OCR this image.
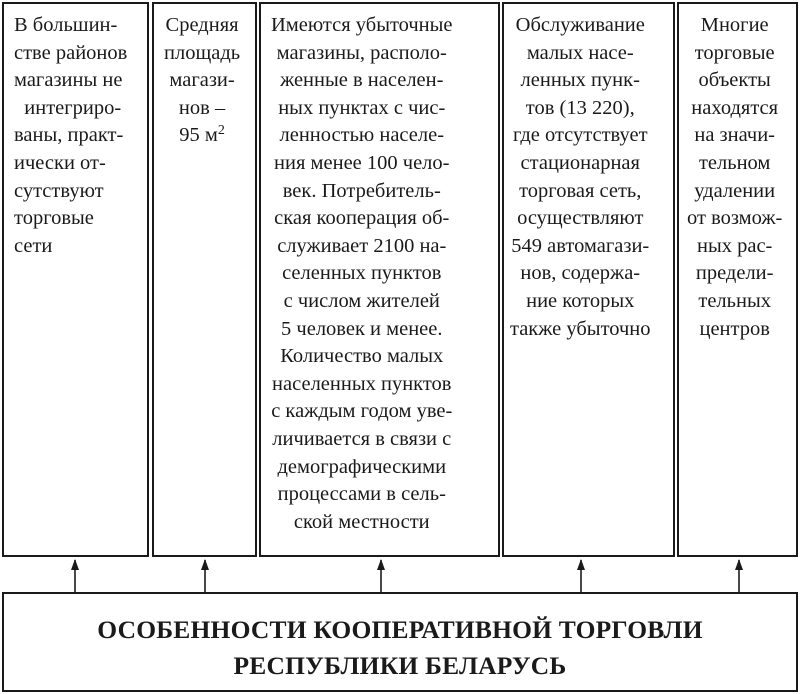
В большин-
стве районов
магазины не
интегриро-
ваны, практ-
ически от-
сутствуют
торговые
сети
Средняя
площадь
магази-
нов –
95 $м^2$
Имеются убыточные
магазины, располо-
женные в населен-
ных пунктах с чис-
ленностью населе-
ния менее 100 чело-
век. Потребитель-
ская кооперация об-
служивает 2100 на-
селенных пунктов
с числом жителей
5 человек и менее.
Количество малых
населенных пунктов
с каждым годом уве-
личивается в связи с
демографическими
процессами в сель-
ской местности
Обслуживание
малых насе-
ленных пунк-
тов (13 220),
где отсутствует
стационарная
торговая сеть,
осуществляют
549 автомагази-
нов, содержа-
ние которых
также убыточно
Многие
торговые
объекты
находятся
на значи-
тельном
удалении
от возмож-
ных рас-
предели-
тельных
центров
ОСОБЕННОСТИ КООПЕРАТИВНОЙ ТОРГОВЛИ
РЕСПУБЛИКИ БЕЛАРУСЬ
